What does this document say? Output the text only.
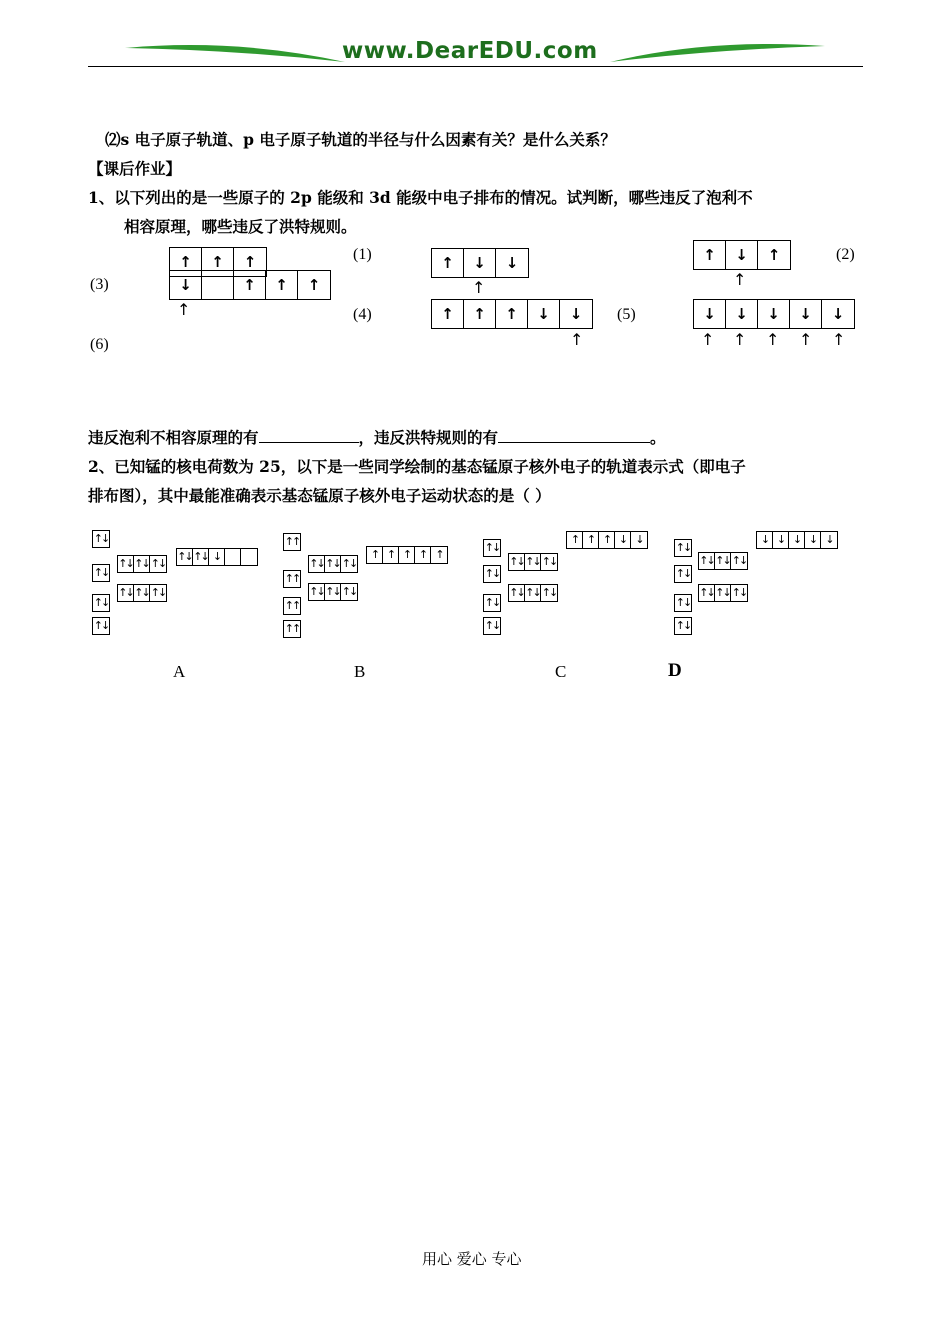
www.DearEDU.com
⑵s 电子原子轨道、p 电子原子轨道的半径与什么因素有关？是什么关系？
【课后作业】
1、以下列出的是一些原子的 2p 能级和 3d 能级中电子排布的情况。试判断，哪些违反了泡利不
相容原理，哪些违反了洪特规则。
(1)	(2)
(3)
(4)	(5)
(6)
↑	↑	↑
↓	↑	↑	↑
↑
↑	↓	↓
↑
↑	↑	↑	↓	↓
↑
↑	↓	↑
↑
↓	↓	↓	↓	↓
↑ ↑ ↑ ↑ ↑
违反泡利不相容原理的有	，违反洪特规则的有	。
2、已知锰的核电荷数为 25，以下是一些同学绘制的基态锰原子核外电子的轨道表示式（即电子
排布图），其中最能准确表示基态锰原子核外电子运动状态的是（ ）
↑↓
↑↓ ↑↓ ↓
↑↓ ↑↓ ↑↓
↑↓
↑↓ ↑↓ ↑↓
↑↓
↑↓
↑↑
↑ ↑ ↑ ↑ ↑
↑↓ ↑↓ ↑↓
↑↑
↑↓ ↑↓ ↑↓
↑↑
↑↑
↑ ↑ ↑ ↓ ↓
↑↓
↑↓ ↑↓ ↑↓
↑↓
↑↓ ↑↓ ↑↓
↑↓
↑↓
↓ ↓ ↓ ↓ ↓
↑↓
↑↓ ↑↓ ↑↓
↑↓
↑↓ ↑↓ ↑↓
↑↓
↑↓
A	B	C	D
用心 爱心 专心
